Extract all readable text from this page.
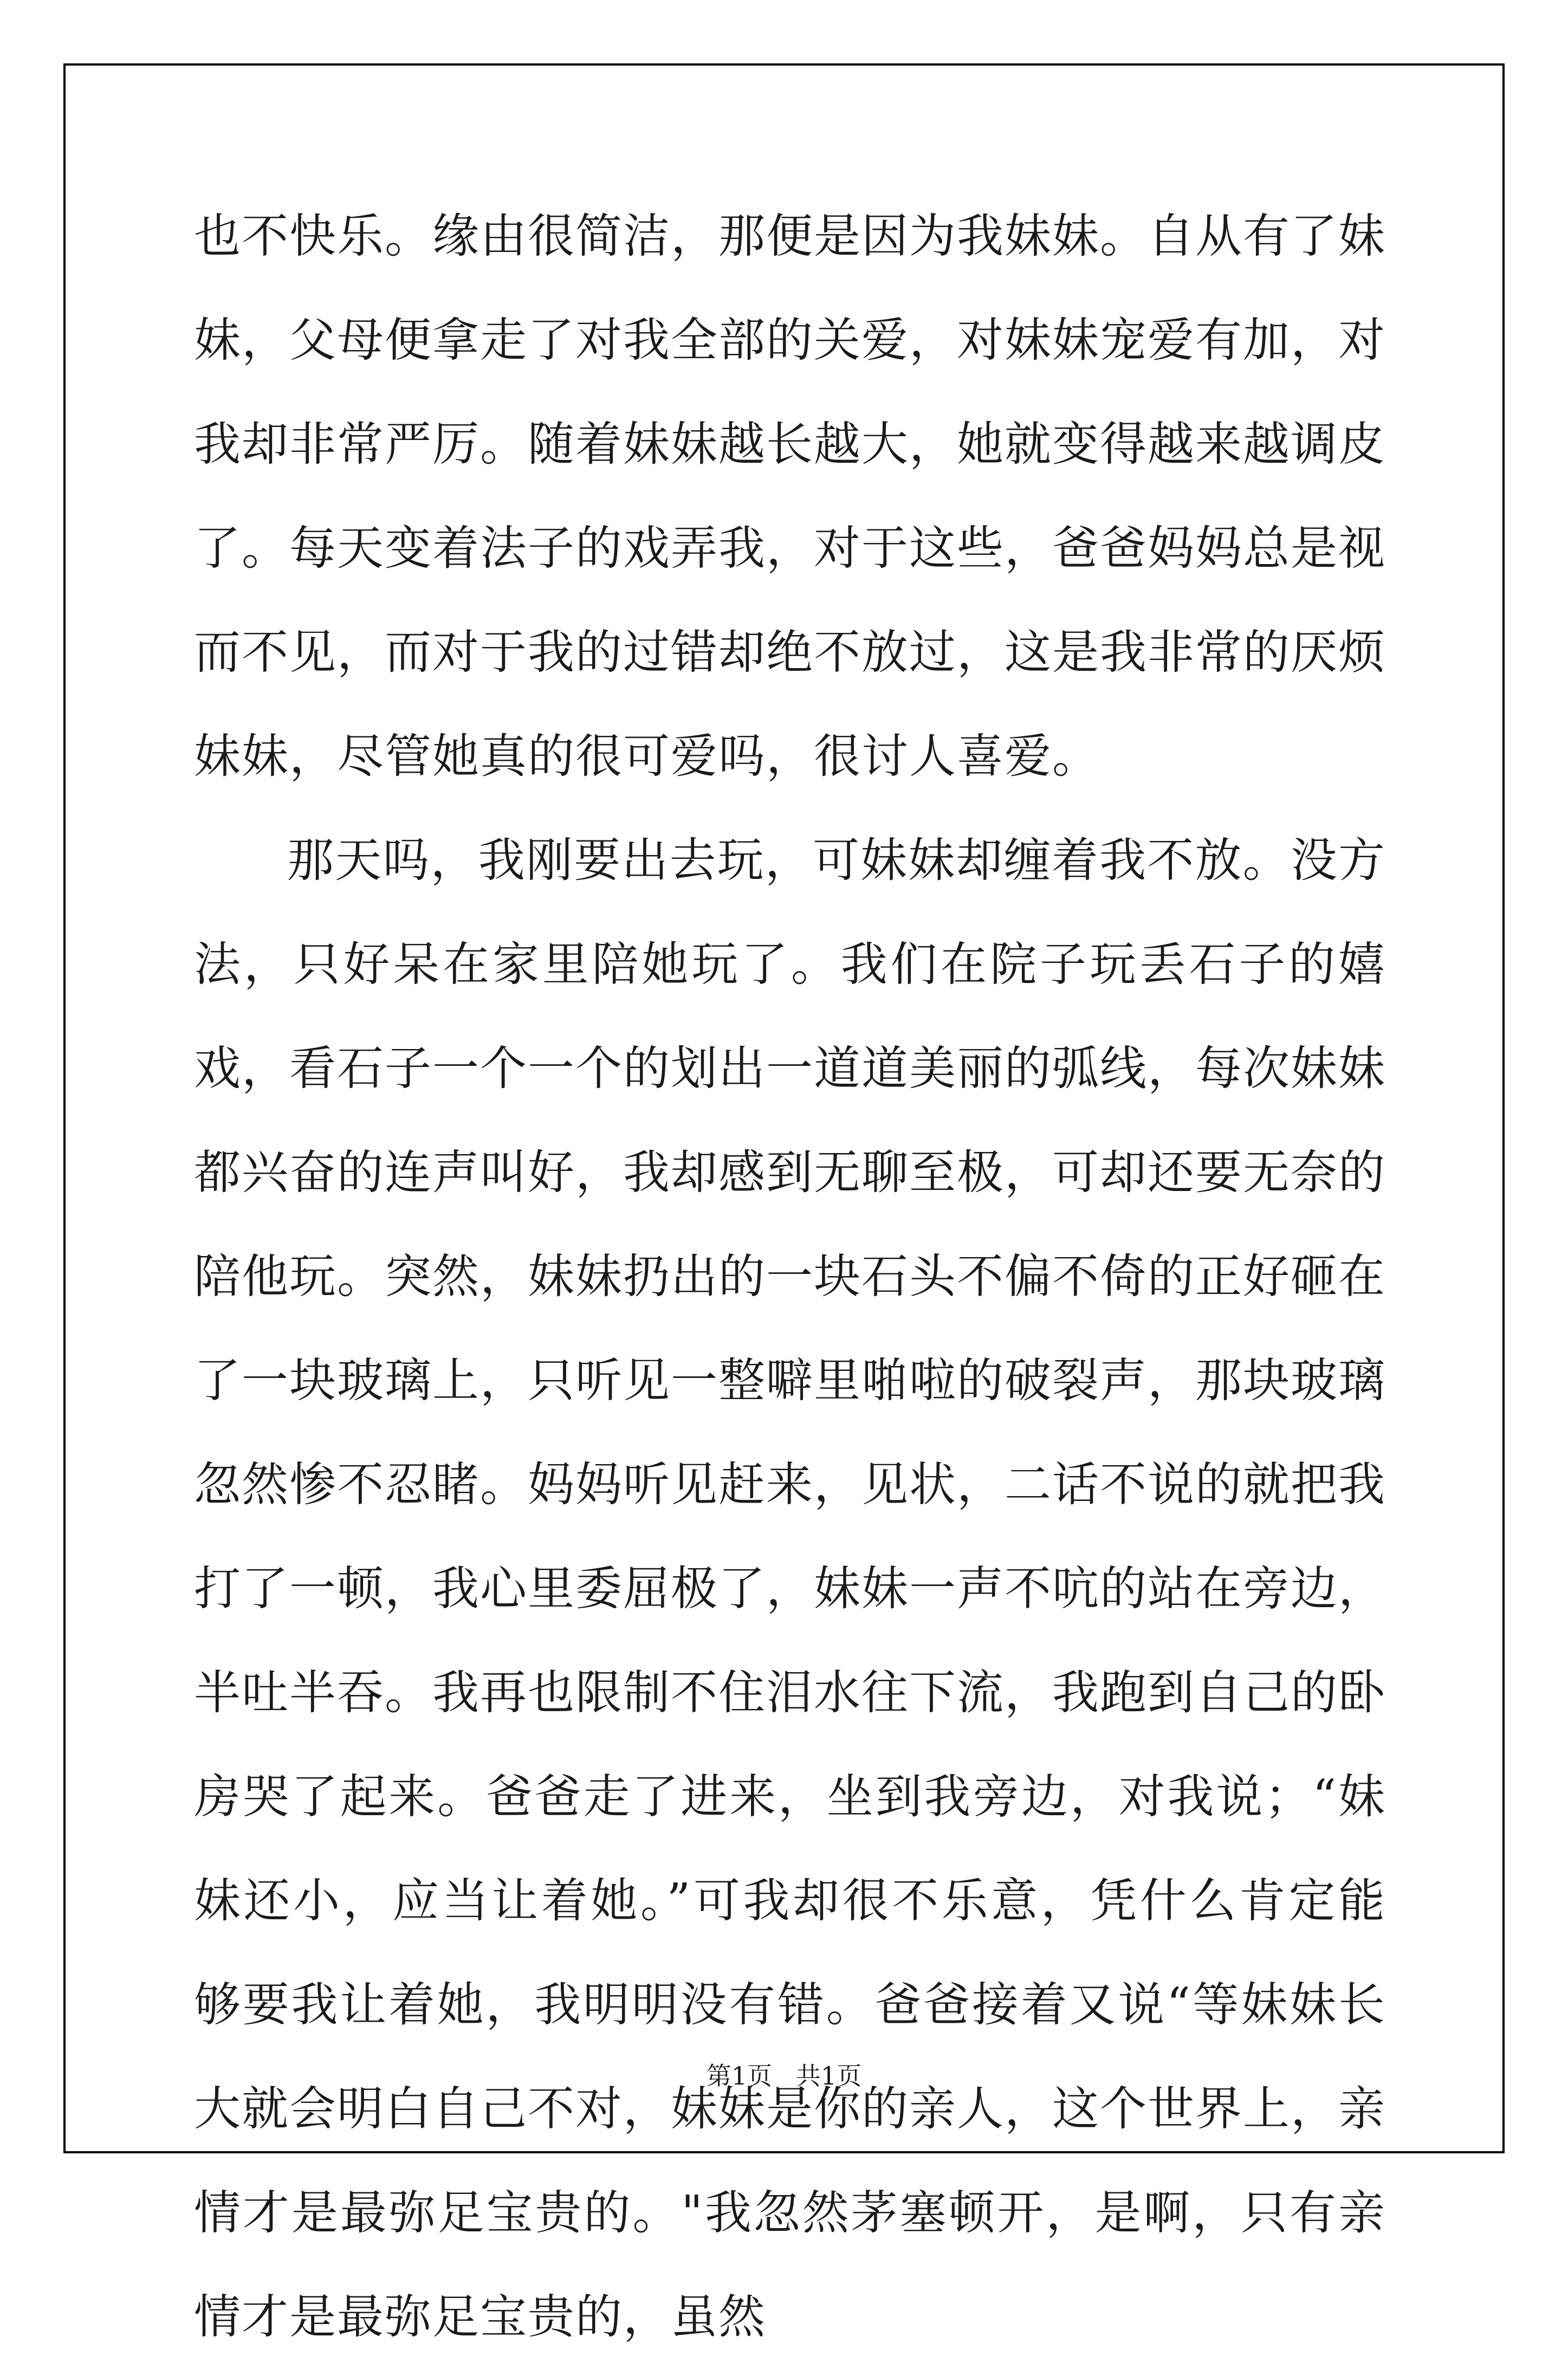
也不快乐。缘由很简洁，那便是因为我妹妹。自从有了妹妹，父母便拿走了对我全部的关爱，对妹妹宠爱有加，对我却非常严厉。随着妹妹越长越大，她就变得越来越调皮了。每天变着法子的戏弄我，对于这些，爸爸妈妈总是视而不见，而对于我的过错却绝不放过，这是我非常的厌烦妹妹，尽管她真的很可爱吗，很讨人喜爱。

那天吗，我刚要出去玩，可妹妹却缠着我不放。没方法，只好呆在家里陪她玩了。我们在院子玩丢石子的嬉戏，看石子一个一个的划出一道道美丽的弧线，每次妹妹都兴奋的连声叫好，我却感到无聊至极，可却还要无奈的陪他玩。突然，妹妹扔出的一块石头不偏不倚的正好砸在了一块玻璃上，只听见一整噼里啪啦的破裂声，那块玻璃忽然惨不忍睹。妈妈听见赶来，见状，二话不说的就把我打了一顿，我心里委屈极了，妹妹一声不吭的站在旁边，半吐半吞。我再也限制不住泪水往下流，我跑到自己的卧房哭了起来。爸爸走了进来，坐到我旁边，对我说；“妹妹还小，应当让着她。”可我却很不乐意，凭什么肯定能够要我让着她，我明明没有错。爸爸接着又说“等妹妹长大就会明白自己不对，妹妹是你的亲人，这个世界上，亲情才是最弥足宝贵的。"我忽然茅塞顿开，是啊，只有亲情才是最弥足宝贵的，虽然

第1页   共1页
